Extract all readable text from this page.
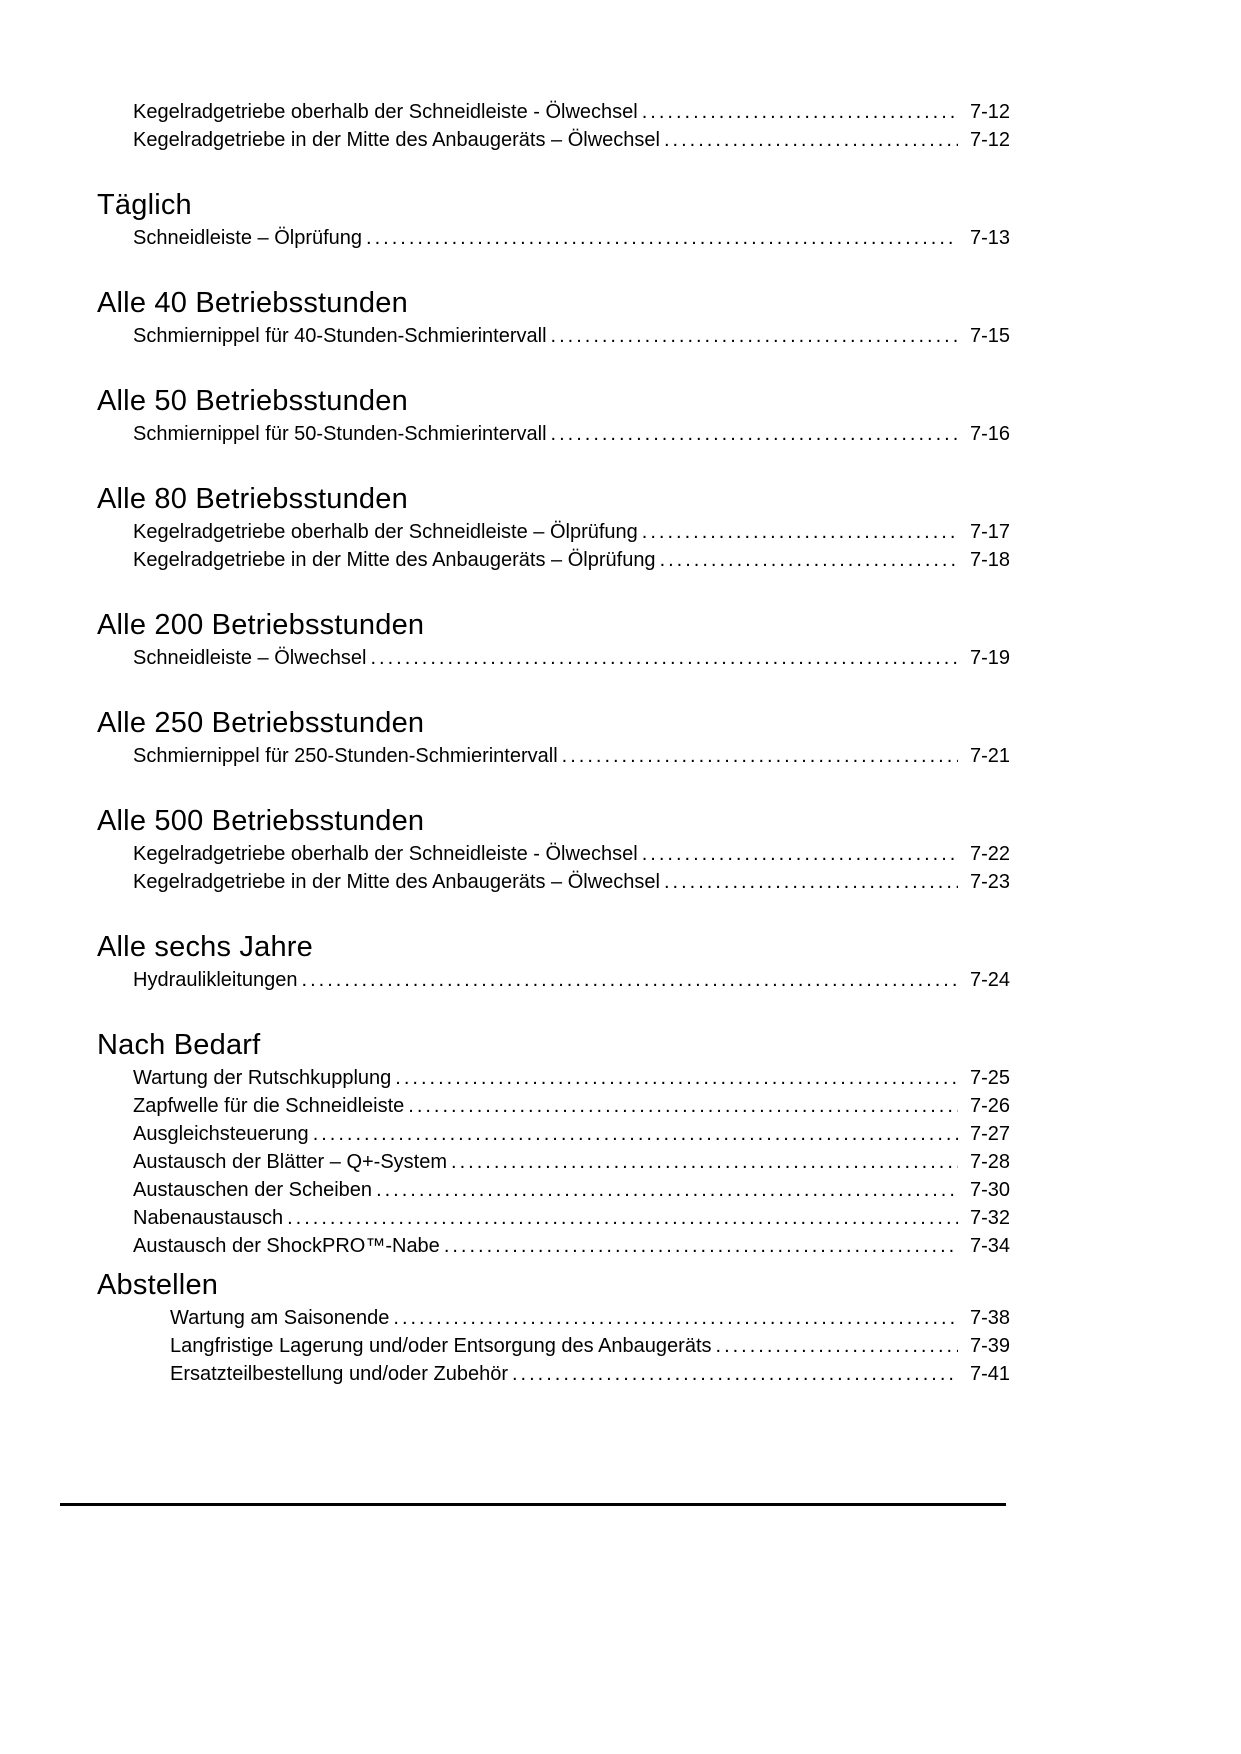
Kegelradgetriebe oberhalb der Schneidleiste - Ölwechsel .....	7-12
Kegelradgetriebe in der Mitte des Anbaugeräts – Ölwechsel .....	7-12
Täglich
Schneidleiste – Ölprüfung .....	7-13
Alle 40 Betriebsstunden
Schmiernippel für 40-Stunden-Schmierintervall .....	7-15
Alle 50 Betriebsstunden
Schmiernippel für 50-Stunden-Schmierintervall .....	7-16
Alle 80 Betriebsstunden
Kegelradgetriebe oberhalb der Schneidleiste – Ölprüfung .....	7-17
Kegelradgetriebe in der Mitte des Anbaugeräts – Ölprüfung .....	7-18
Alle 200 Betriebsstunden
Schneidleiste – Ölwechsel .....	7-19
Alle 250 Betriebsstunden
Schmiernippel für 250-Stunden-Schmierintervall .....	7-21
Alle 500 Betriebsstunden
Kegelradgetriebe oberhalb der Schneidleiste - Ölwechsel .....	7-22
Kegelradgetriebe in der Mitte des Anbaugeräts – Ölwechsel .....	7-23
Alle sechs Jahre
Hydraulikleitungen .....	7-24
Nach Bedarf
Wartung der Rutschkupplung .....	7-25
Zapfwelle für die Schneidleiste .....	7-26
Ausgleichsteuerung .....	7-27
Austausch der Blätter – Q+-System .....	7-28
Austauschen der Scheiben .....	7-30
Nabenaustausch .....	7-32
Austausch der ShockPRO™-Nabe .....	7-34
Abstellen
Wartung am Saisonende .....	7-38
Langfristige Lagerung und/oder Entsorgung des Anbaugeräts .....	7-39
Ersatzteilbestellung und/oder Zubehör .....	7-41
